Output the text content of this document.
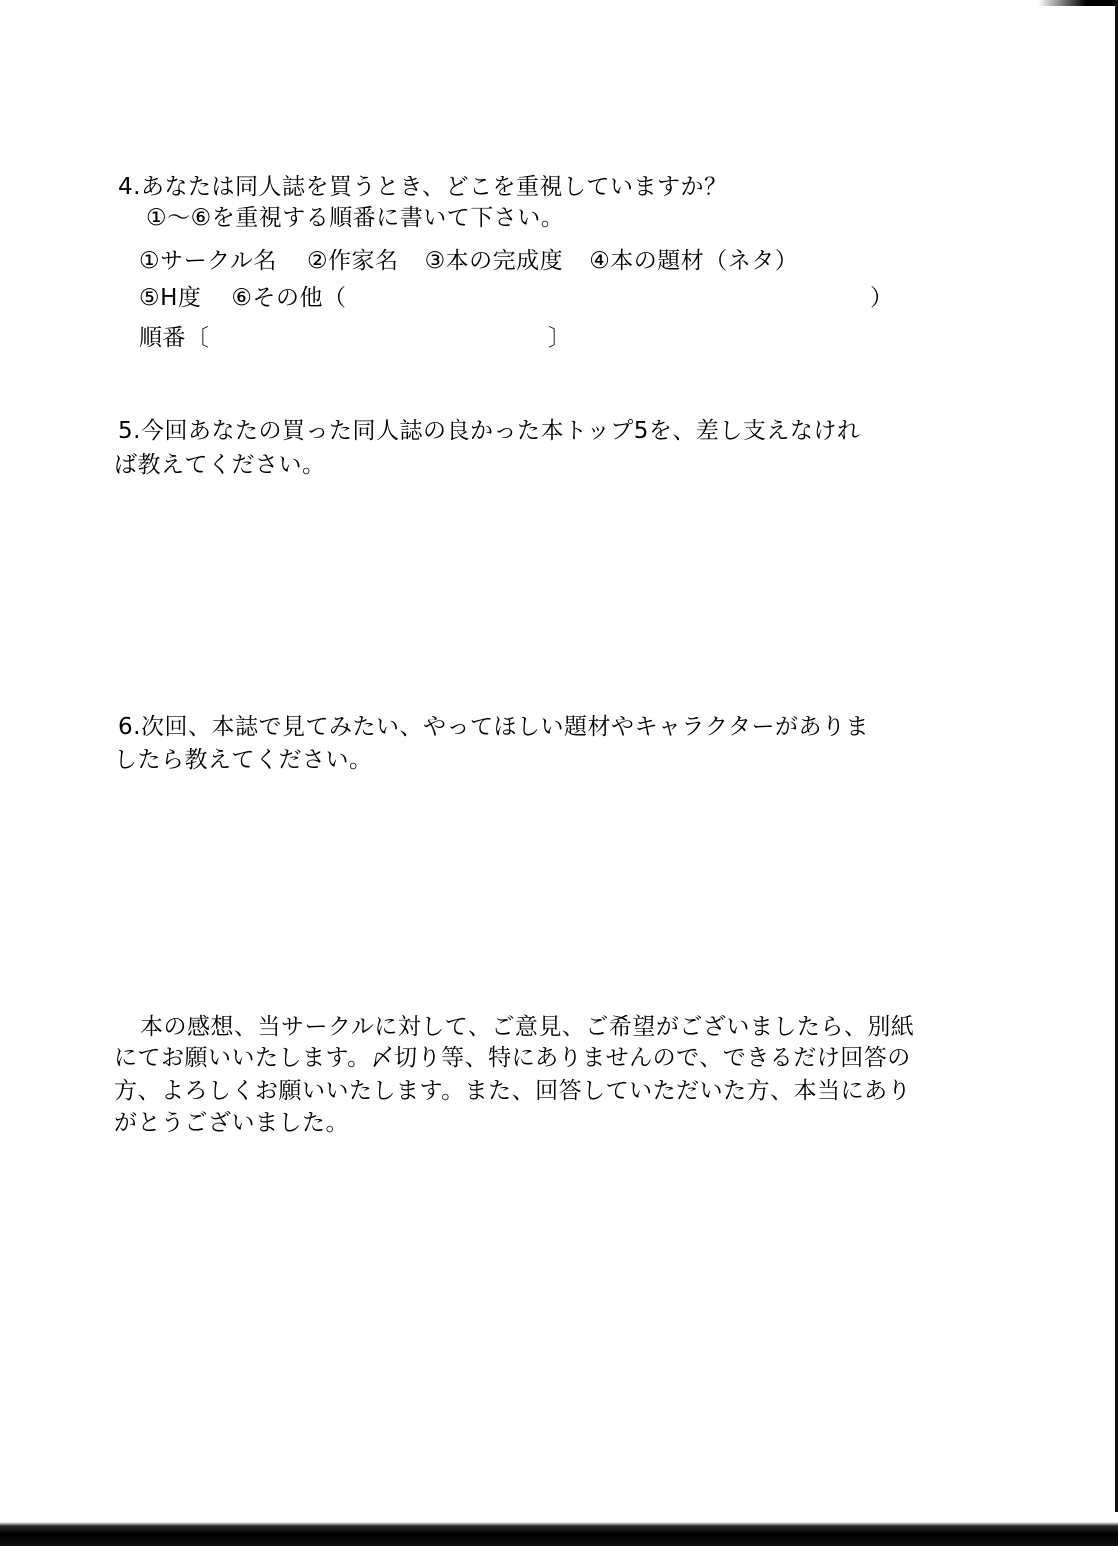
4.あなたは同人誌を買うとき、どこを重視していますか？
①～⑥を重視する順番に書いて下さい。
①サークル名 ②作家名 ③本の完成度 ④本の題材（ネタ）
⑤H度 ⑥その他（	）
順番〔	〕
5.今回あなたの買った同人誌の良かった本トップ5を、差し支えなけれ
ば教えてください。
6.次回、本誌で見てみたい、やってほしい題材やキャラクターがありま
したら教えてください。
本の感想、当サークルに対して、ご意見、ご希望がございましたら、別紙
にてお願いいたします。〆切り等、特にありませんので、できるだけ回答の
方、よろしくお願いいたします。また、回答していただいた方、本当にあり
がとうございました。
